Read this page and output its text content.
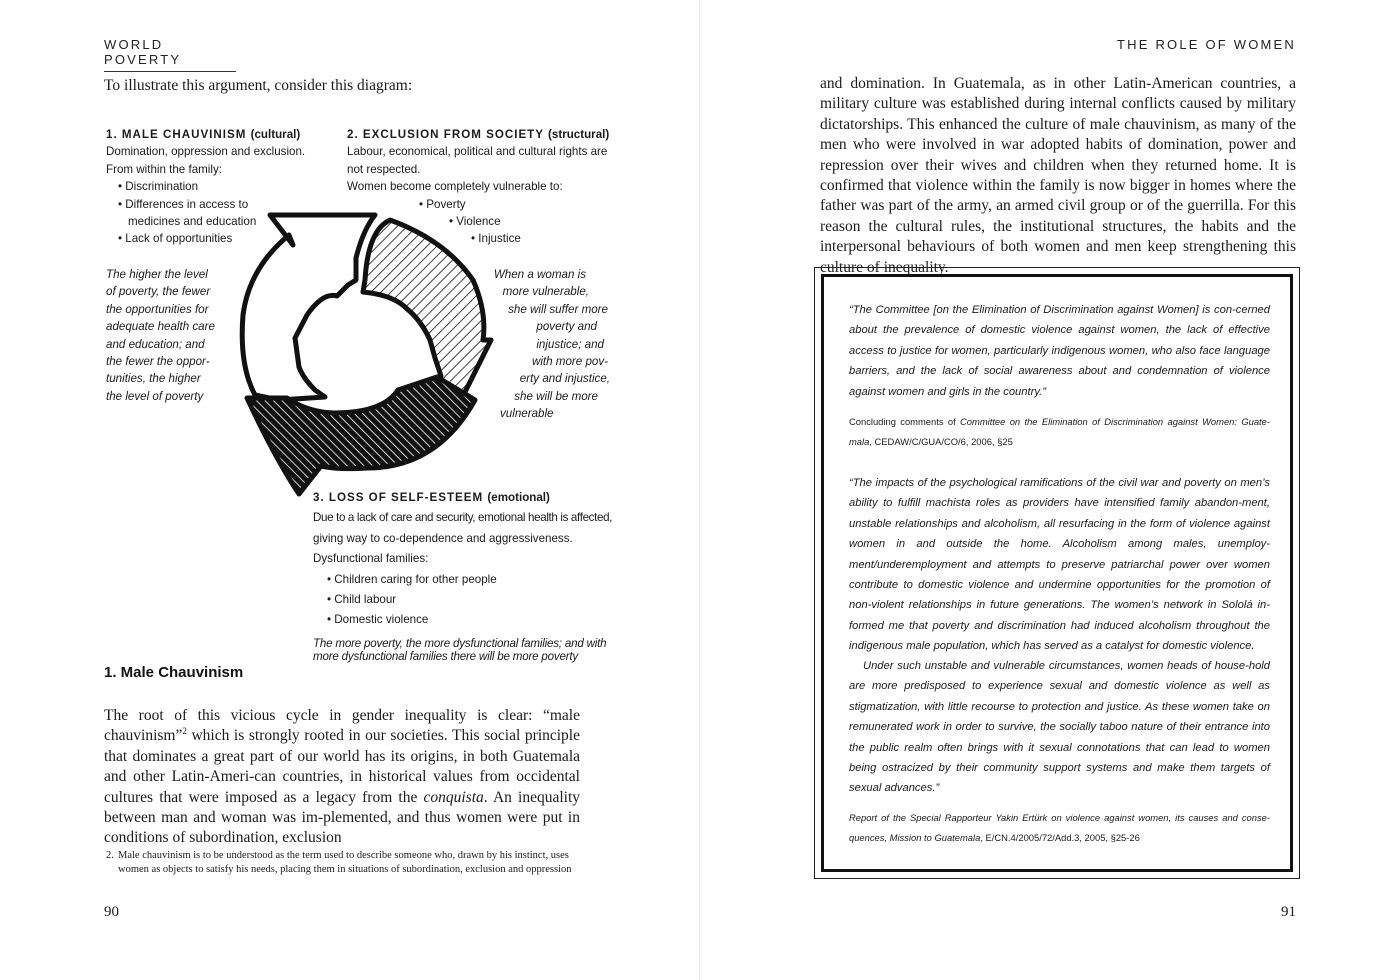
WORLD POVERTY

To illustrate this argument, consider this diagram:

1. MALE CHAUVINISM (cultural)
Domination, oppression and exclusion.
From within the family:
• Discrimination
• Differences in access to
medicines and education
• Lack of opportunities
2. EXCLUSION FROM SOCIETY (structural)
Labour, economical, political and cultural rights are
not respected.
Women become completely vulnerable to:
• Poverty
• Violence
• Injustice
The higher the level
of poverty, the fewer
the opportunities for
adequate health care
and education; and
the fewer the oppor-
tunities, the higher
the level of poverty
When a woman is
more vulnerable,
she will suffer more
poverty and
injustice; and
with more pov-
erty and injustice,
she will be more
vulnerable
3. LOSS OF SELF-ESTEEM (emotional)
Due to a lack of care and security, emotional health is affected,
giving way to co-dependence and aggressiveness.
Dysfunctional families:
• Children caring for other people
• Child labour
• Domestic violence
The more poverty, the more dysfunctional families; and with
more dysfunctional families there will be more poverty
1. Male Chauvinism

The root of this vicious cycle in gender inequality is clear: “male chauvinism”$^2$ which is strongly rooted in our societies. This social principle that dominates a great part of our world has its origins, in both Guatemala and other Latin-Ameri-can countries, in historical values from occidental cultures that were imposed as a legacy from the conquista. An inequality between man and woman was im-plemented, and thus women were put in conditions of subordination, exclusion

2. Male chauvinism is to be understood as the term used to describe someone who, drawn by his instinct, uses women as objects to satisfy his needs, placing them in situations of subordination, exclusion and oppression
90
THE ROLE OF WOMEN

and domination. In Guatemala, as in other Latin-American countries, a military culture was established during internal conflicts caused by military dictatorships. This enhanced the culture of male chauvinism, as many of the men who were involved in war adopted habits of domination, power and repression over their wives and children when they returned home. It is confirmed that violence within the family is now bigger in homes where the father was part of the army, an armed civil group or of the guerrilla. For this reason the cultural rules, the institutional structures, the habits and the interpersonal behaviours of both women and men keep strengthening this culture of inequality.

“The Committee [on the Elimination of Discrimination against Women] is con-cerned about the prevalence of domestic violence against women, the lack of effective access to justice for women, particularly indigenous women, who also face language barriers, and the lack of social awareness about and condemnation of violence against women and girls in the country.”

Concluding comments of Committee on the Elimination of Discrimination against Women: Guate-mala, CEDAW/C/GUA/CO/6, 2006, §25

“The impacts of the psychological ramifications of the civil war and poverty on men’s ability to fulfill machista roles as providers have intensified family abandon-ment, unstable relationships and alcoholism, all resurfacing in the form of violence against women in and outside the home. Alcoholism among males, unemploy-ment/underemployment and attempts to preserve patriarchal power over women contribute to domestic violence and undermine opportunities for the promotion of non-violent relationships in future generations. The women’s network in Sololá in-formed me that poverty and discrimination had induced alcoholism throughout the indigenous male population, which has served as a catalyst for domestic violence.

Under such unstable and vulnerable circumstances, women heads of house-hold are more predisposed to experience sexual and domestic violence as well as stigmatization, with little recourse to protection and justice. As these women take on remunerated work in order to survive, the socially taboo nature of their entrance into the public realm often brings with it sexual connotations that can lead to women being ostracized by their community support systems and make them targets of sexual advances.”

Report of the Special Rapporteur Yakin Ertürk on violence against women, its causes and conse-quences, Mission to Guatemala, E/CN.4/2005/72/Add.3, 2005, §25-26

91
